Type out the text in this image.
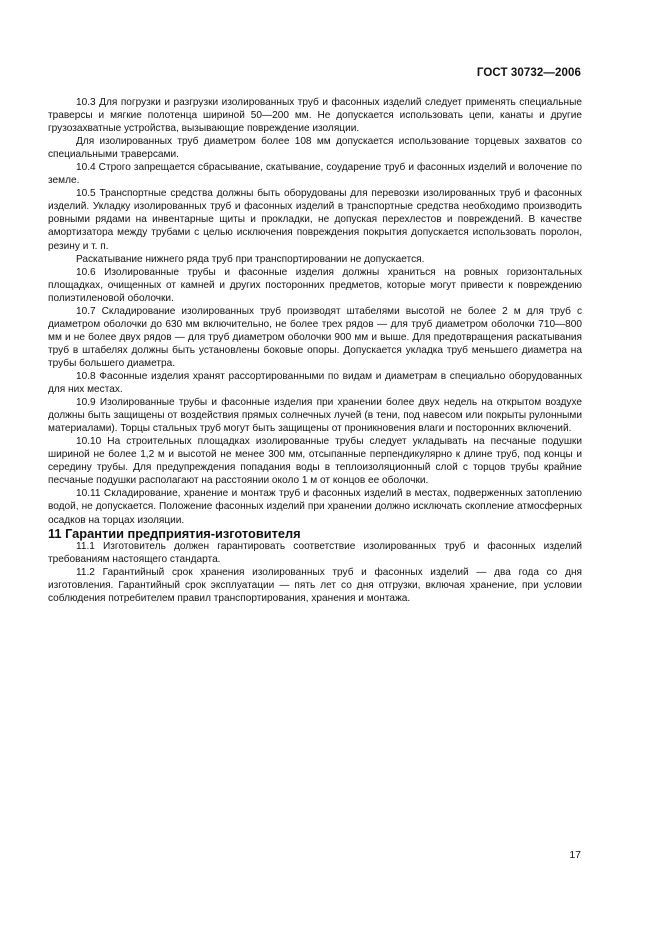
ГОСТ 30732—2006

10.3 Для погрузки и разгрузки изолированных труб и фасонных изделий следует применять специальные траверсы и мягкие полотенца шириной 50—200 мм. Не допускается использовать цепи, канаты и другие грузозахватные устройства, вызывающие повреждение изоляции.

Для изолированных труб диаметром более 108 мм допускается использование торцевых захватов со специальными траверсами.

10.4 Строго запрещается сбрасывание, скатывание, соударение труб и фасонных изделий и волочение по земле.

10.5 Транспортные средства должны быть оборудованы для перевозки изолированных труб и фасонных изделий. Укладку изолированных труб и фасонных изделий в транспортные средства необходимо производить ровными рядами на инвентарные щиты и прокладки, не допуская перехлестов и повреждений. В качестве амортизатора между трубами с целью исключения повреждения покрытия допускается использовать поролон, резину и т. п.

Раскатывание нижнего ряда труб при транспортировании не допускается.

10.6 Изолированные трубы и фасонные изделия должны храниться на ровных горизонтальных площадках, очищенных от камней и других посторонних предметов, которые могут привести к повреждению полиэтиленовой оболочки.

10.7 Складирование изолированных труб производят штабелями высотой не более 2 м для труб с диаметром оболочки до 630 мм включительно, не более трех рядов — для труб диаметром оболочки 710—800 мм и не более двух рядов — для труб диаметром оболочки 900 мм и выше. Для предотвращения раскатывания труб в штабелях должны быть установлены боковые опоры. Допускается укладка труб меньшего диаметра на трубы большего диаметра.

10.8 Фасонные изделия хранят рассортированными по видам и диаметрам в специально оборудованных для них местах.

10.9 Изолированные трубы и фасонные изделия при хранении более двух недель на открытом воздухе должны быть защищены от воздействия прямых солнечных лучей (в тени, под навесом или покрыты рулонными материалами). Торцы стальных труб могут быть защищены от проникновения влаги и посторонних включений.

10.10 На строительных площадках изолированные трубы следует укладывать на песчаные подушки шириной не более 1,2 м и высотой не менее 300 мм, отсыпанные перпендикулярно к длине труб, под концы и середину трубы. Для предупреждения попадания воды в теплоизоляционный слой с торцов трубы крайние песчаные подушки располагают на расстоянии около 1 м от концов ее оболочки.

10.11 Складирование, хранение и монтаж труб и фасонных изделий в местах, подверженных затоплению водой, не допускается. Положение фасонных изделий при хранении должно исключать скопление атмосферных осадков на торцах изоляции.

11 Гарантии предприятия-изготовителя

11.1 Изготовитель должен гарантировать соответствие изолированных труб и фасонных изделий требованиям настоящего стандарта.

11.2 Гарантийный срок хранения изолированных труб и фасонных изделий — два года со дня изготовления. Гарантийный срок эксплуатации — пять лет со дня отгрузки, включая хранение, при условии соблюдения потребителем правил транспортирования, хранения и монтажа.

17
